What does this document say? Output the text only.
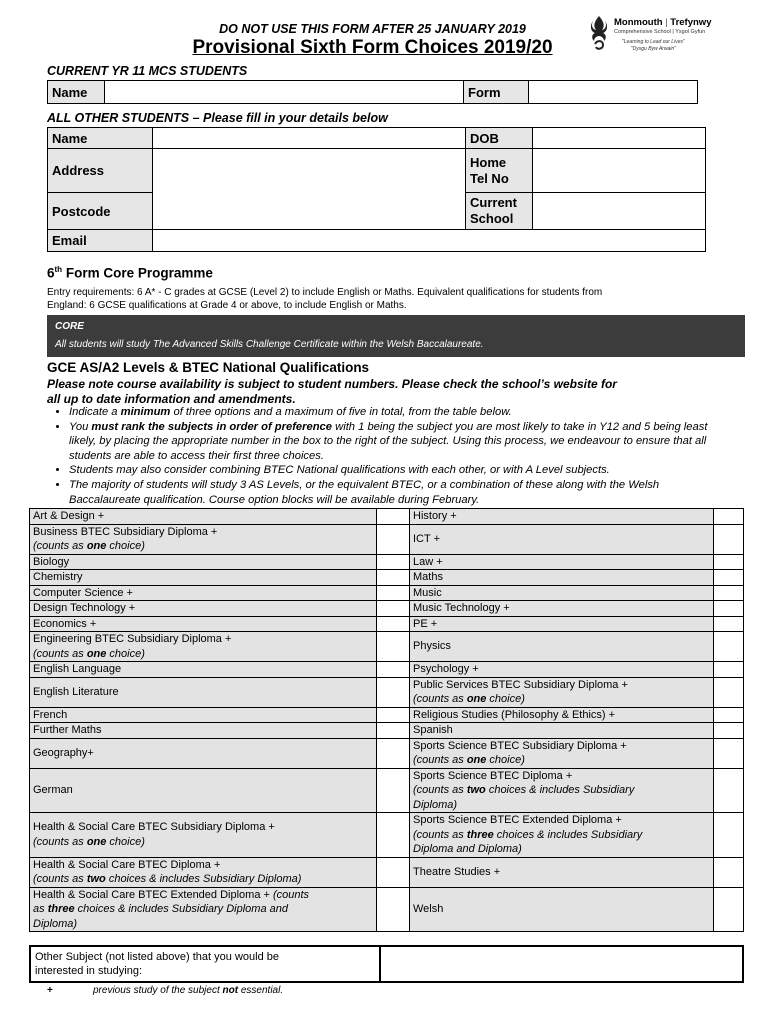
DO NOT USE THIS FORM AFTER 25 JANUARY 2019
Provisional Sixth Form Choices 2019/20
Monmouth | Trefynwy
Comprehensive School | Ysgol Gyfun
"Learning to Lead our Lives"
"Dysgu Byw Arwain"
CURRENT YR 11 MCS STUDENTS
Name		Form	
ALL OTHER STUDENTS – Please fill in your details below
Name		DOB	
Address		Home
Tel No	
Postcode		Current
School	
Email			
6th Form Core Programme
Entry requirements: 6 A* - C grades at GCSE (Level 2) to include English or Maths. Equivalent qualifications for students from
England: 6 GCSE qualifications at Grade 4 or above, to include English or Maths.
CORE
All students will study The Advanced Skills Challenge Certificate within the Welsh Baccalaureate.
GCE AS/A2 Levels & BTEC National Qualifications
Please note course availability is subject to student numbers. Please check the school’s website for
all up to date information and amendments.
• Indicate a minimum of three options and a maximum of five in total, from the table below.
• You must rank the subjects in order of preference with 1 being the subject you are most likely to take in Y12 and 5 being least likely, by placing the appropriate number in the box to the right of the subject. Using this process, we endeavour to ensure that all students are able to access their first three choices.
• Students may also consider combining BTEC National qualifications with each other, or with A Level subjects.
• The majority of students will study 3 AS Levels, or the equivalent BTEC, or a combination of these along with the Welsh Baccalaureate qualification. Course option blocks will be available during February.
Art & Design +		History +	
Business BTEC Subsidiary Diploma +
(counts as one choice)		ICT +	
Biology		Law +	
Chemistry		Maths	
Computer Science +		Music	
Design Technology +		Music Technology +	
Economics +		PE +	
Engineering BTEC Subsidiary Diploma +
(counts as one choice)		Physics	
English Language		Psychology +	
English Literature		Public Services BTEC Subsidiary Diploma +
(counts as one choice)	
French		Religious Studies (Philosophy & Ethics) +	
Further Maths		Spanish	
Geography+		Sports Science BTEC Subsidiary Diploma +
(counts as one choice)	
German		Sports Science BTEC Diploma +
(counts as two choices & includes Subsidiary
Diploma)	
Health & Social Care BTEC Subsidiary Diploma +
(counts as one choice)		Sports Science BTEC Extended Diploma +
(counts as three choices & includes Subsidiary
Diploma and Diploma)	
Health & Social Care BTEC Diploma +
(counts as two choices & includes Subsidiary Diploma)		Theatre Studies +	
Health & Social Care BTEC Extended Diploma + (counts
as three choices & includes Subsidiary Diploma and
Diploma)		Welsh	
Other Subject (not listed above) that you would be
interested in studying:	
+	previous study of the subject not essential.
